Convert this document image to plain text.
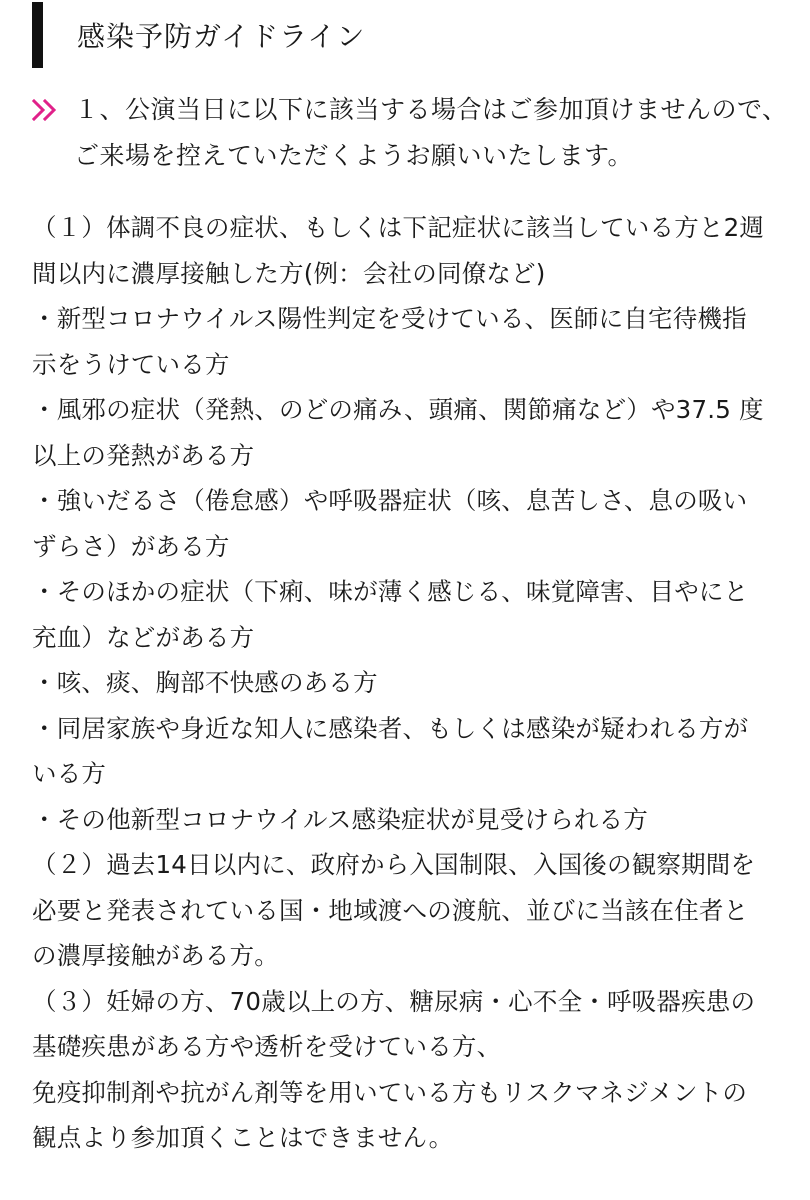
感染予防ガイドライン
１、公演当日に以下に該当する場合はご参加頂けませんので、
ご来場を控えていただくようお願いいたします。
（１）体調不良の症状、もしくは下記症状に該当している方と2週
間以内に濃厚接触した方(例：会社の同僚など)
・新型コロナウイルス陽性判定を受けている、医師に自宅待機指
示をうけている方
・風邪の症状（発熱、のどの痛み、頭痛、関節痛など）や37.5 度
以上の発熱がある方
・強いだるさ（倦怠感）や呼吸器症状（咳、息苦しさ、息の吸い
ずらさ）がある方
・そのほかの症状（下痢、味が薄く感じる、味覚障害、目やにと
充血）などがある方
・咳、痰、胸部不快感のある方
・同居家族や身近な知人に感染者、もしくは感染が疑われる方が
いる方
・その他新型コロナウイルス感染症状が見受けられる方
（２）過去14日以内に、政府から入国制限、入国後の観察期間を
必要と発表されている国・地域渡への渡航、並びに当該在住者と
の濃厚接触がある方。
（３）妊婦の方、70歳以上の方、糖尿病・心不全・呼吸器疾患の
基礎疾患がある方や透析を受けている方、
免疫抑制剤や抗がん剤等を用いている方もリスクマネジメントの
観点より参加頂くことはできません。
